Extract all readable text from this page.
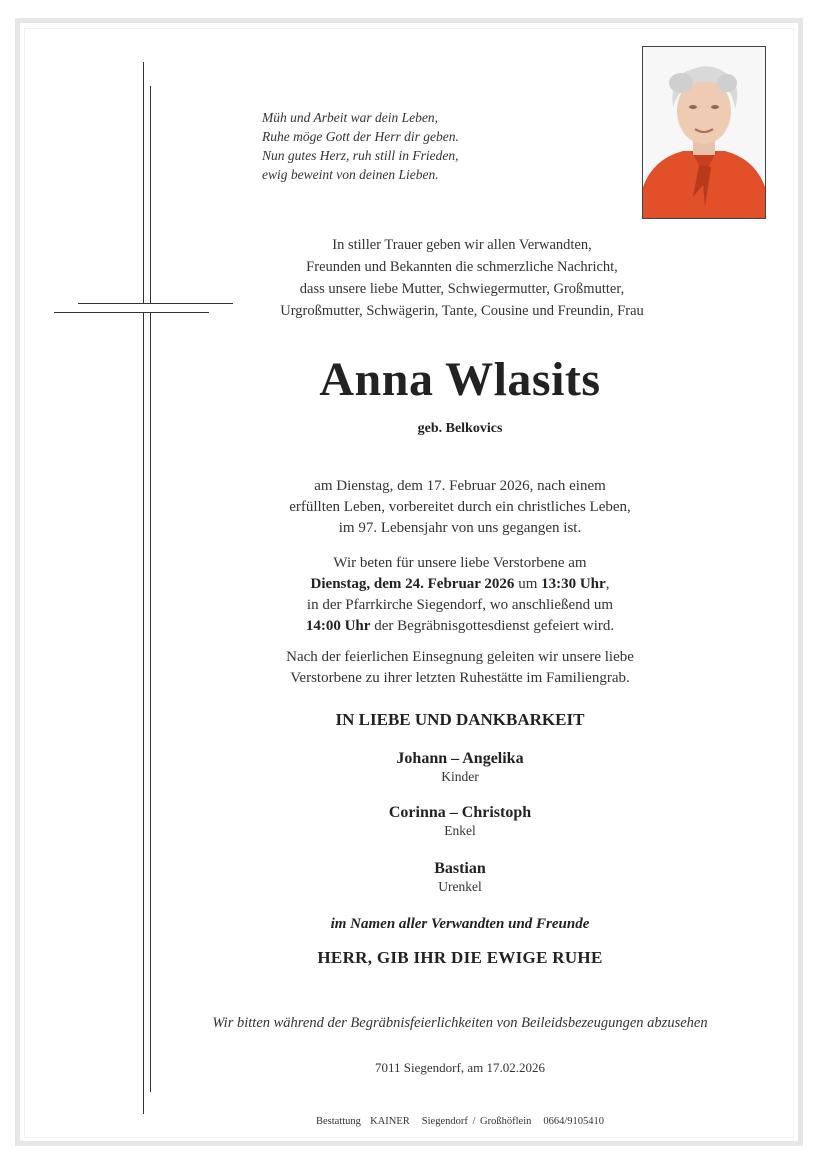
Müh und Arbeit war dein Leben,
Ruhe möge Gott der Herr dir geben.
Nun gutes Herz, ruh still in Frieden,
ewig beweint von deinen Lieben.
In stiller Trauer geben wir allen Verwandten,
Freunden und Bekannten die schmerzliche Nachricht,
dass unsere liebe Mutter, Schwiegermutter, Großmutter,
Urgroßmutter, Schwägerin, Tante, Cousine und Freundin, Frau
Anna Wlasits
geb. Belkovics
am Dienstag, dem 17. Februar 2026, nach einem
erfüllten Leben, vorbereitet durch ein christliches Leben,
im 97. Lebensjahr von uns gegangen ist.
Wir beten für unsere liebe Verstorbene am
Dienstag, dem 24. Februar 2026 um 13:30 Uhr,
in der Pfarrkirche Siegendorf, wo anschließend um
14:00 Uhr der Begräbnisgottesdienst gefeiert wird.
Nach der feierlichen Einsegnung geleiten wir unsere liebe
Verstorbene zu ihrer letzten Ruhestätte im Familiengrab.
IN LIEBE UND DANKBARKEIT
Johann – Angelika
Kinder
Corinna – Christoph
Enkel
Bastian
Urenkel
im Namen aller Verwandten und Freunde
HERR, GIB IHR DIE EWIGE RUHE
Wir bitten während der Begräbnisfeierlichkeiten von Beileidsbezeugungen abzusehen
7011 Siegendorf, am 17.02.2026
Bestattung  KAINER Siegendorf / Großhöflein 0664/9105410
